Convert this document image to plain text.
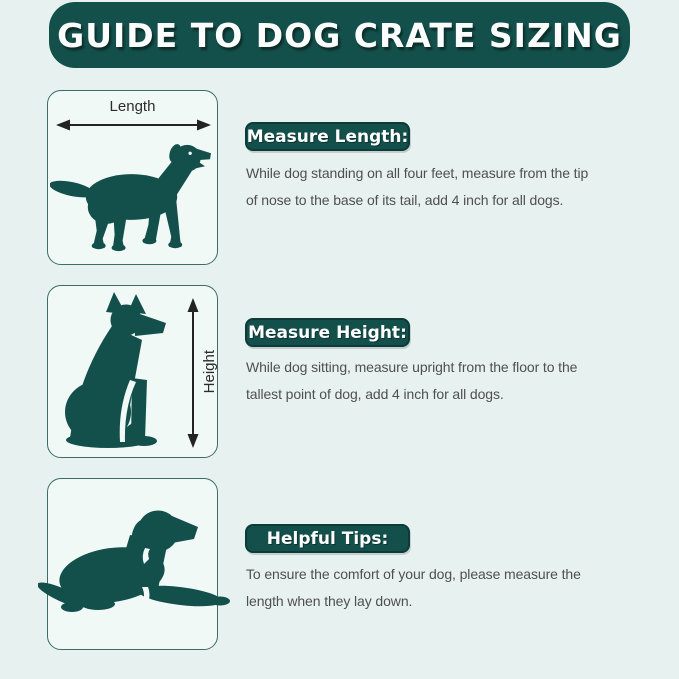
GUIDE TO DOG CRATE SIZING
Length
Measure Length:

While dog standing on all four feet, measure from the tip

of nose to the base of its tail, add 4 inch for all dogs.

Height
Measure Height:

While dog sitting, measure upright from the floor to the

tallest point of dog, add 4 inch for all dogs.

Helpful Tips:

To ensure the comfort of your dog, please measure the

length when they lay down.
